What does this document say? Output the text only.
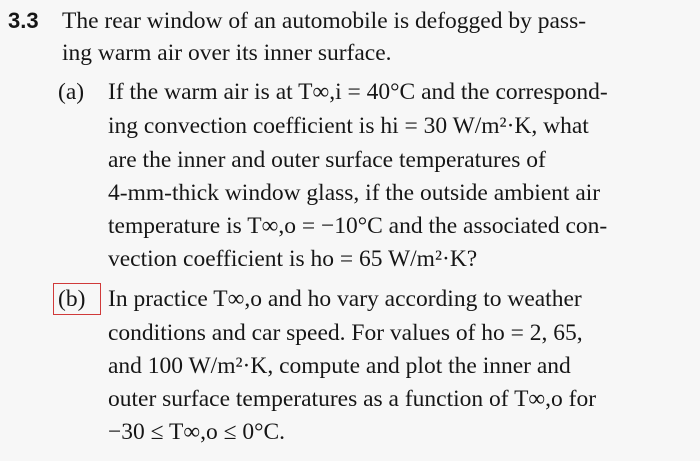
3.3 The rear window of an automobile is defogged by pass-
ing warm air over its inner surface.
(a) If the warm air is at T∞,i = 40°C and the correspond-
ing convection coefficient is hi = 30 W/m²·K, what
are the inner and outer surface temperatures of
4-mm-thick window glass, if the outside ambient air
temperature is T∞,o = −10°C and the associated con-
vection coefficient is ho = 65 W/m²·K?
(b) In practice T∞,o and ho vary according to weather
conditions and car speed. For values of ho = 2, 65,
and 100 W/m²·K, compute and plot the inner and
outer surface temperatures as a function of T∞,o for
−30 ≤ T∞,o ≤ 0°C.
